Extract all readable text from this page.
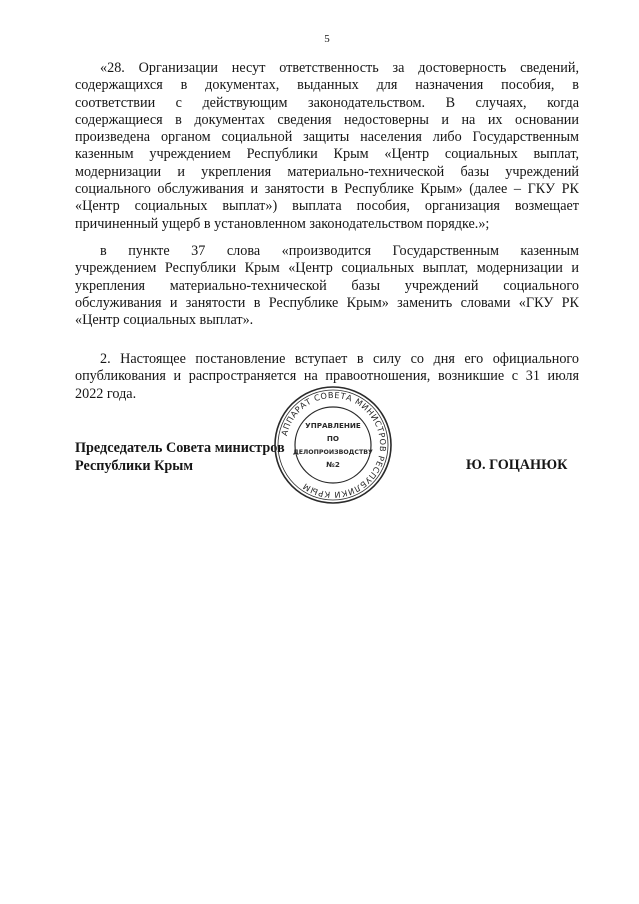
5

«28. Организации несут ответственность за достоверность сведений,
содержащихся в документах, выданных для назначения пособия, в
соответствии с действующим законодательством. В случаях, когда
содержащиеся в документах сведения недостоверны и на их основании
произведена органом социальной защиты населения либо Государственным
казенным учреждением Республики Крым «Центр социальных выплат,
модернизации и укрепления материально-технической базы учреждений
социального обслуживания и занятости в Республике Крым» (далее – ГКУ РК
«Центр социальных выплат») выплата пособия, организация возмещает
причиненный ущерб в установленном законодательством порядке.»;

в пункте 37 слова «производится Государственным казенным
учреждением Республики Крым «Центр социальных выплат, модернизации и
укрепления материально-технической базы учреждений социального
обслуживания и занятости в Республике Крым» заменить словами «ГКУ РК
«Центр социальных выплат».

2. Настоящее постановление вступает в силу со дня его официального
опубликования и распространяется на правоотношения, возникшие с 31 июля
2022 года.

Председатель Совета министров
Республики Крым	Ю. ГОЦАНЮК
АППАРАТ СОВЕТА МИНИСТРОВ РЕСПУБЛИКИ КРЫМ
УПРАВЛЕНИЕ
ПО
ДЕЛОПРОИЗВОДСТВУ
№2
